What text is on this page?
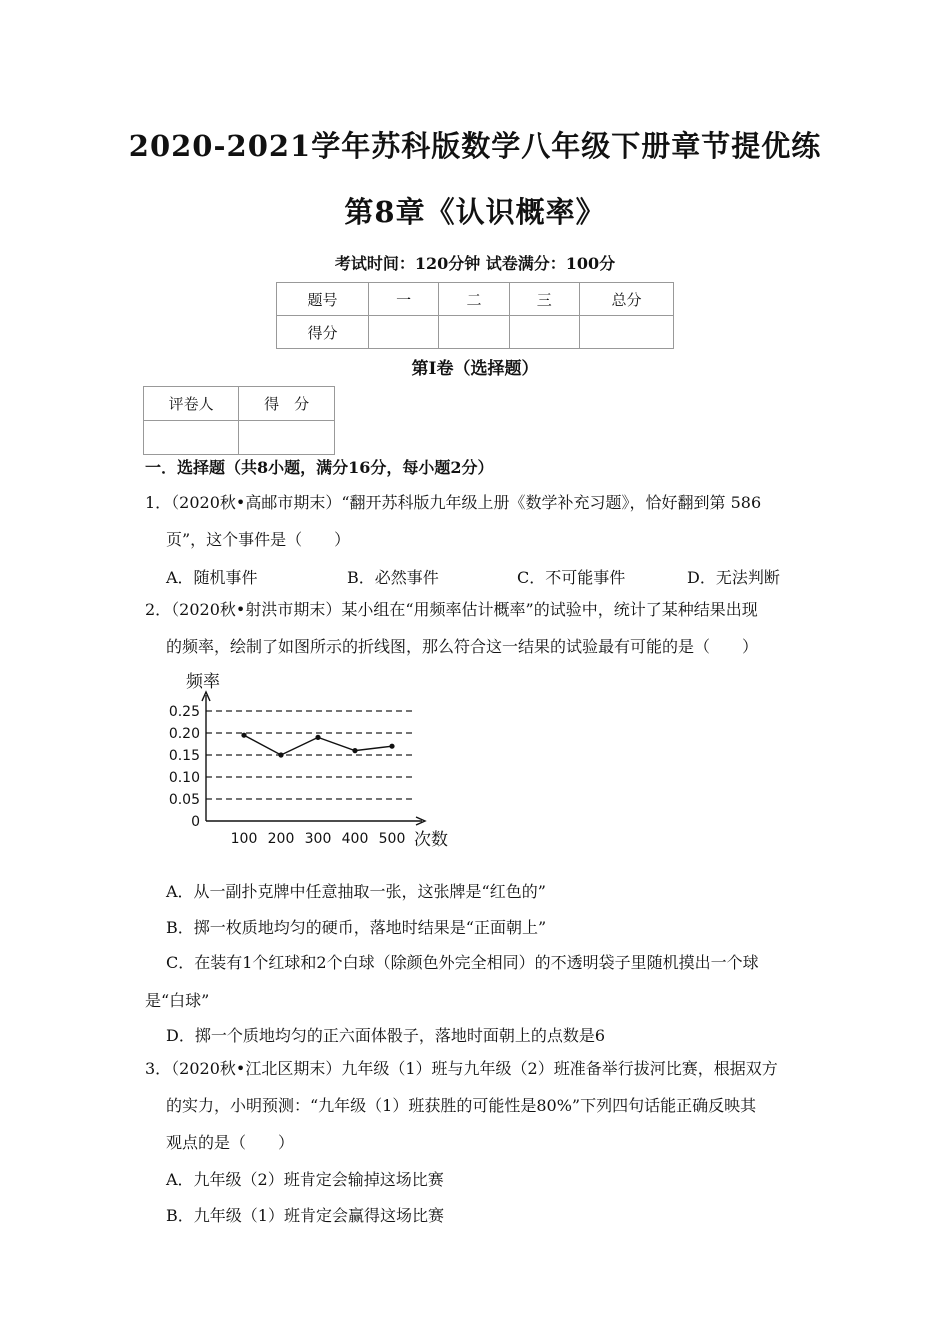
2020-2021学年苏科版数学八年级下册章节提优练
第8章《认识概率》
考试时间：120分钟 试卷满分：100分
题号	一	二	三	总分
得分				
第Ⅰ卷（选择题）
评卷人	得　分

一．选择题（共8小题，满分16分，每小题2分）
1．（2020秋•高邮市期末）“翻开苏科版九年级上册《数学补充习题》，恰好翻到第 586
页”，这个事件是（　　）
A．随机事件	B．必然事件	C．不可能事件	D．无法判断
2．（2020秋•射洪市期末）某小组在“用频率估计概率”的试验中，统计了某种结果出现
的频率，绘制了如图所示的折线图，那么符合这一结果的试验最有可能的是（　　）
频率
次数
0
0.05
0.10
0.15
0.20
0.25
100 200 300 400 500
A．从一副扑克牌中任意抽取一张，这张牌是“红色的”
B．掷一枚质地均匀的硬币，落地时结果是“正面朝上”
C．在装有1个红球和2个白球（除颜色外完全相同）的不透明袋子里随机摸出一个球
是“白球”
D．掷一个质地均匀的正六面体骰子，落地时面朝上的点数是6
3．（2020秋•江北区期末）九年级（1）班与九年级（2）班准备举行拔河比赛，根据双方
的实力，小明预测：“九年级（1）班获胜的可能性是80%”下列四句话能正确反映其
观点的是（　　）
A．九年级（2）班肯定会输掉这场比赛
B．九年级（1）班肯定会赢得这场比赛
